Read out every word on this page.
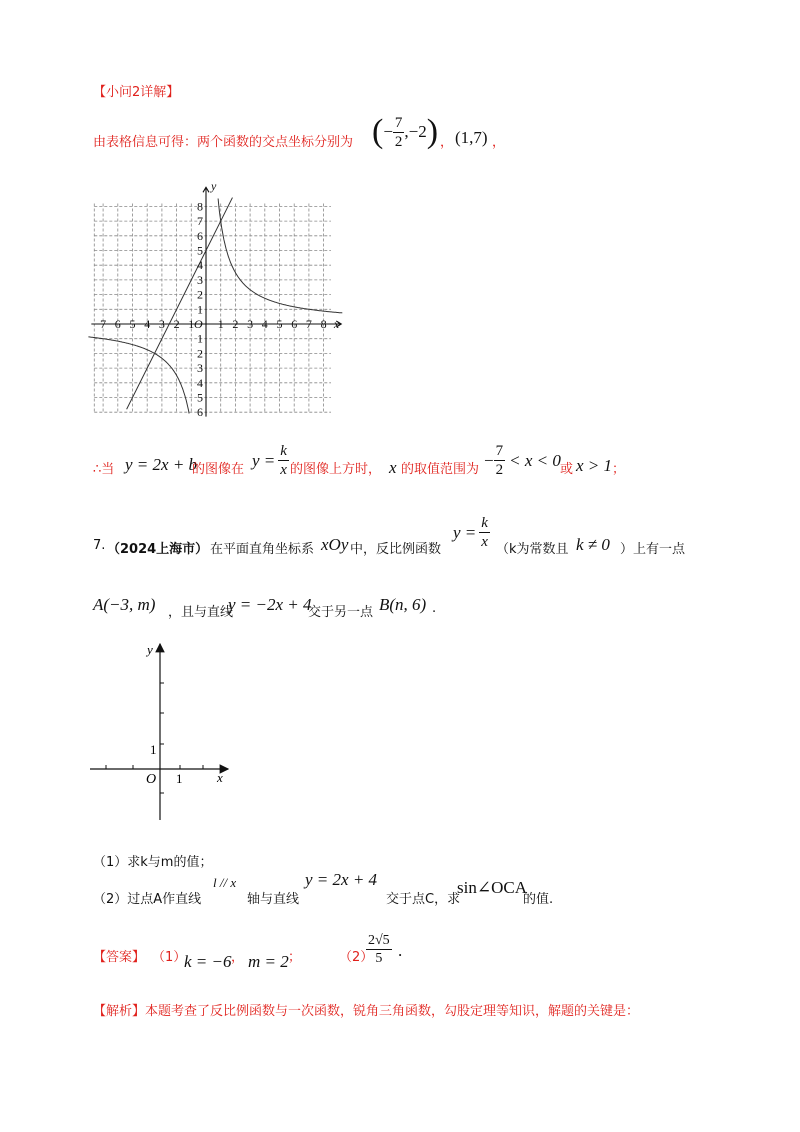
【小问2详解】
由表格信息可得：两个函数的交点坐标分别为 ( − $\frac{7}{2} ,-2$ ) ， (1,7) ，
7 6 5 4 3 2 1 1 2 3 4 5 6 7 8
8
7
6
5
4
3
2
1
1
2
3
4
5
6
O	x
y
∴当 y = 2x + b
的图像在 $y = \frac{k}{x}$ 的图像上方时， x 的取值范围为 − $\frac{7}{2} < x < 0$ 或 x > 1 ；
7. （2024上海市） 在平面直角坐标系 xOy 中，反比例函数
$y = \frac{k}{x} (k$为常数且 k ≠ 0 ）上有一点
A(−3, m) ，且与直线
y = −2x + 4
交于另一点 B(n, 6) .
y
x
O 1
1
（1）求k与m的值；
（2）过点A作直线
l // x
轴与直线
y = 2x + 4
交于点C，求
sin∠OCA
的值.
【答案】 （1）
k = −6 ， m = 2 ；	（2）
$\frac{2√5}{5}$ .
【解析】本题考查了反比例函数与一次函数，锐角三角函数，勾股定理等知识，解题的关键是：
